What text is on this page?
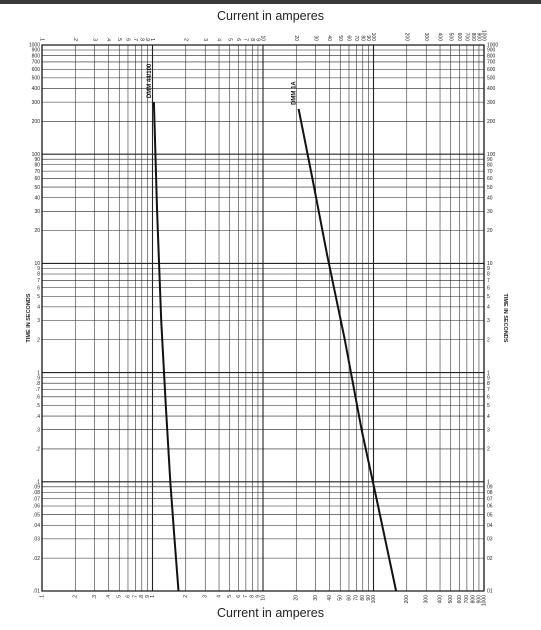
Current in amperes
.1
.1
.2
.2
.3
.3
.4
.4
.5
.5
.6
.6
.7
.7
.8
.8
.9
.9
1
1
2
2
3
3
4
4
5
5
6
6
7
7
8
8
9
9
10
10
20
20
30
30
40
40
50
50
60
60
70
70
80
80
90
90
100
100
200
200
300
300
400
400
500
500
600
600
700
700
800
800
900
900
1000
1000
.01
.02
.03
.04
.05
.06
.07
.08
.09
.1
.2
.3
.4
.5
.6
.7
.8
.9
1
2
3
4
5
6
7
8
9
10
20
30
40
50
60
70
80
90
100
200
300
400
500
600
700
800
900
1000
01
02
03
04
05
06
07
08
09
1
2
3
4
5
6
7
8
9
1
2
3
4
5
6
7
8
9
10
20
30
40
50
60
70
80
90
100
200
300
400
500
600
700
800
900
1000
TIME IN SECONDS	TIME IN SECONDS
DMM 44/100	DMM 1A
Current in amperes
